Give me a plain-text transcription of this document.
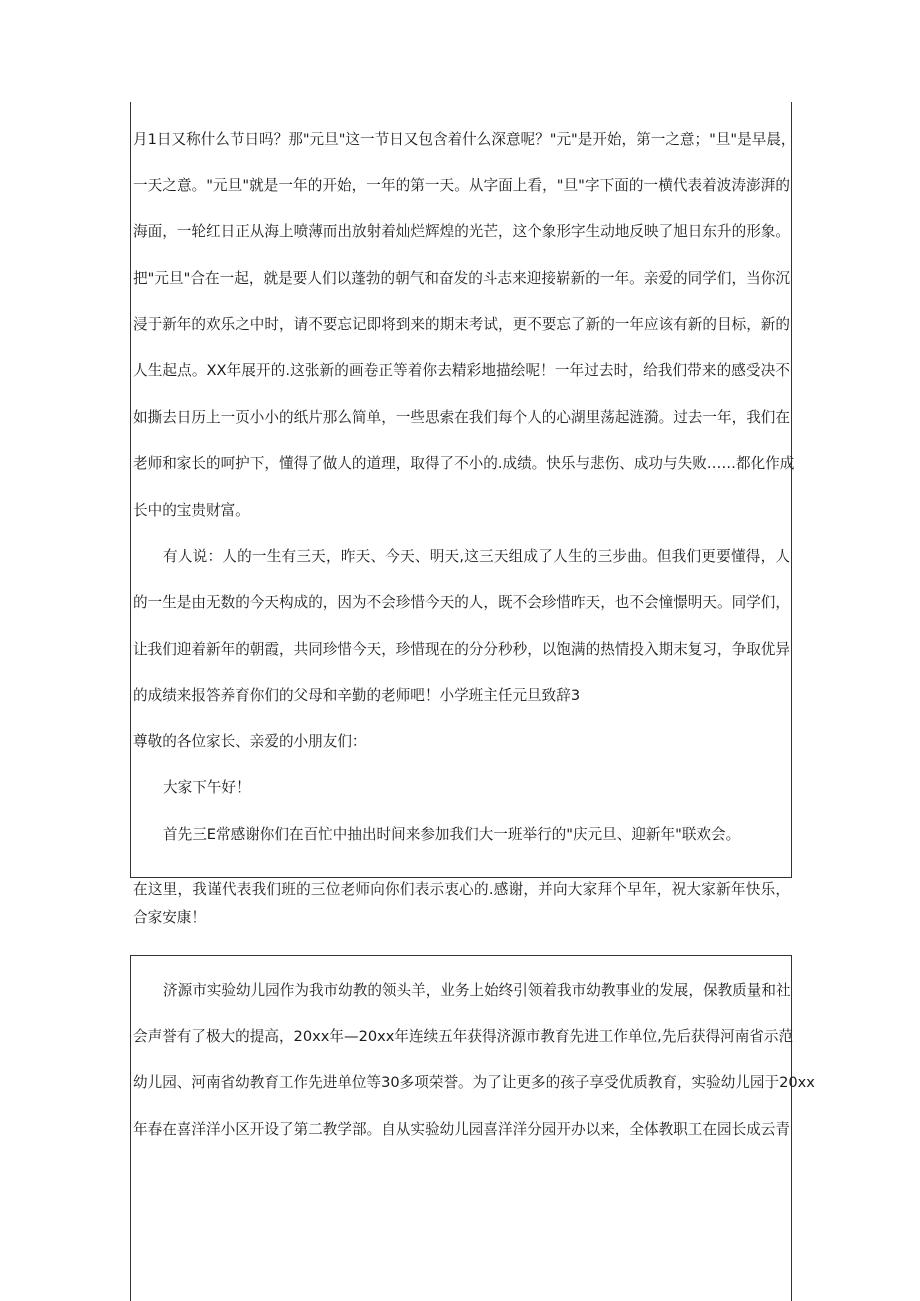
月1日又称什么节日吗？那"元旦"这一节日又包含着什么深意呢？"元"是开始，第一之意；"旦"是早晨，
一天之意。"元旦"就是一年的开始，一年的第一天。从字面上看，"旦"字下面的一横代表着波涛澎湃的
海面，一轮红日正从海上喷薄而出放射着灿烂辉煌的光芒，这个象形字生动地反映了旭日东升的形象。
把"元旦"合在一起，就是要人们以蓬勃的朝气和奋发的斗志来迎接崭新的一年。亲爱的同学们，当你沉
浸于新年的欢乐之中时，请不要忘记即将到来的期末考试，更不要忘了新的一年应该有新的目标，新的
人生起点。XX年展开的.这张新的画卷正等着你去精彩地描绘呢！一年过去时，给我们带来的感受决不
如撕去日历上一页小小的纸片那么简单，一些思索在我们每个人的心湖里荡起涟漪。过去一年，我们在
老师和家长的呵护下，懂得了做人的道理，取得了不小的.成绩。快乐与悲伤、成功与失败……都化作成
长中的宝贵财富。
有人说：人的一生有三天，昨天、今天、明天,这三天组成了人生的三步曲。但我们更要懂得，人
的一生是由无数的今天构成的，因为不会珍惜今天的人，既不会珍惜昨天，也不会憧憬明天。同学们，
让我们迎着新年的朝霞，共同珍惜今天，珍惜现在的分分秒秒，以饱满的热情投入期末复习，争取优异
的成绩来报答养育你们的父母和辛勤的老师吧！小学班主任元旦致辞3
尊敬的各位家长、亲爱的小朋友们：
大家下午好！
首先三E常感谢你们在百忙中抽出时间来参加我们大一班举行的"庆元旦、迎新年"联欢会。
在这里，我谨代表我们班的三位老师向你们表示衷心的.感谢，并向大家拜个早年，祝大家新年快乐，
合家安康！
济源市实验幼儿园作为我市幼教的领头羊，业务上始终引领着我市幼教事业的发展，保教质量和社
会声誉有了极大的提高，20xx年—20xx年连续五年获得济源市教育先进工作单位,先后获得河南省示范
幼儿园、河南省幼教育工作先进单位等30多项荣誉。为了让更多的孩子享受优质教育，实验幼儿园于20xx
年春在喜洋洋小区开设了第二教学部。自从实验幼儿园喜洋洋分园开办以来，全体教职工在园长成云青
